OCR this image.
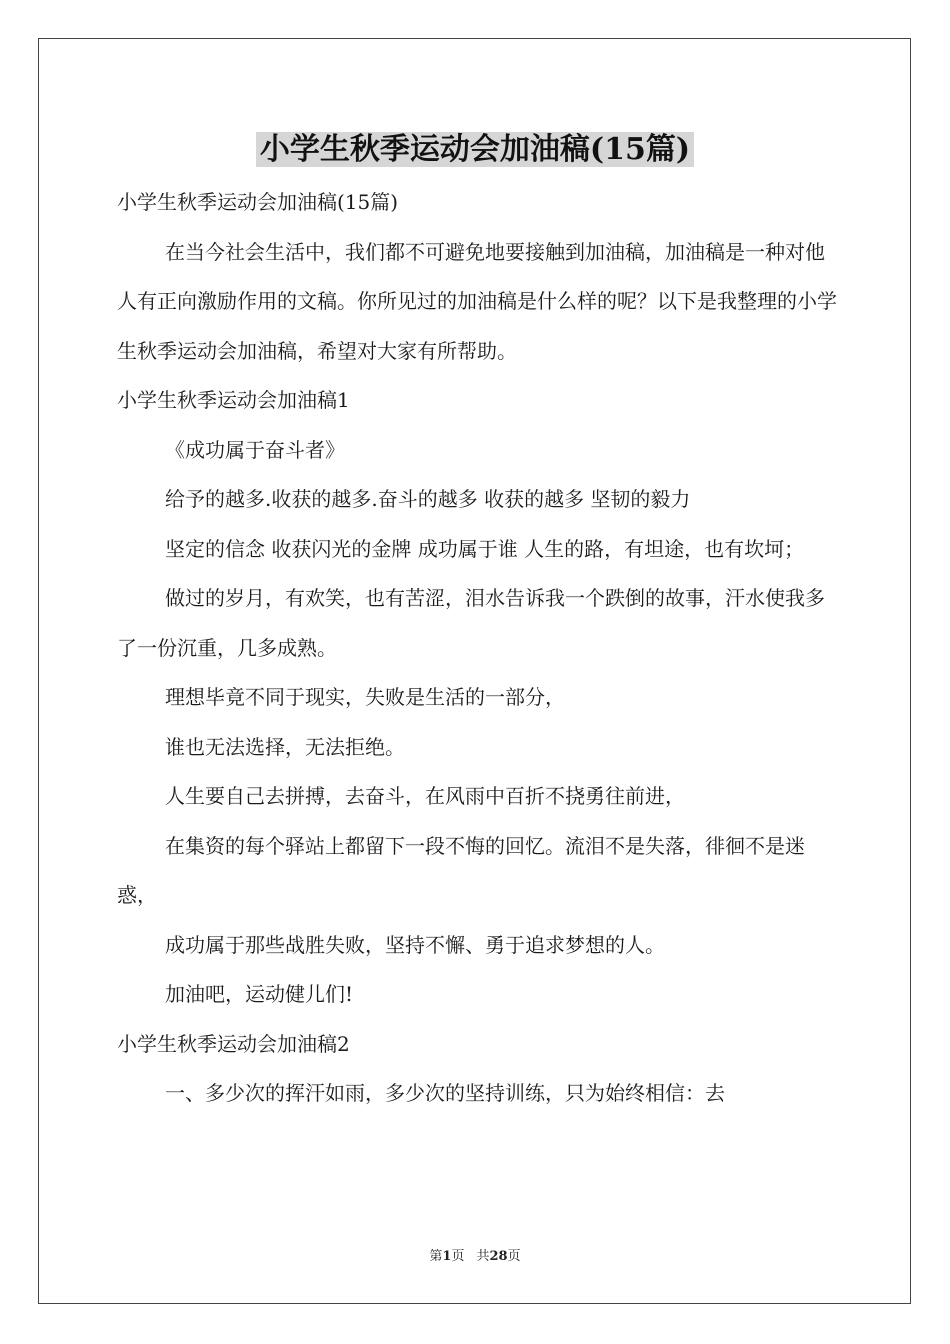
小学生秋季运动会加油稿(15篇)

小学生秋季运动会加油稿(15篇)

在当今社会生活中，我们都不可避免地要接触到加油稿，加油稿是一种对他人有正向激励作用的文稿。你所见过的加油稿是什么样的呢？以下是我整理的小学生秋季运动会加油稿，希望对大家有所帮助。

小学生秋季运动会加油稿1

《成功属于奋斗者》

给予的越多.收获的越多.奋斗的越多 收获的越多 坚韧的毅力

坚定的信念 收获闪光的金牌 成功属于谁 人生的路，有坦途，也有坎坷；

做过的岁月，有欢笑，也有苦涩，泪水告诉我一个跌倒的故事，汗水使我多了一份沉重，几多成熟。

理想毕竟不同于现实，失败是生活的一部分，

谁也无法选择，无法拒绝。

人生要自己去拼搏，去奋斗，在风雨中百折不挠勇往前进，

在集资的每个驿站上都留下一段不悔的回忆。流泪不是失落，徘徊不是迷惑，

成功属于那些战胜失败，坚持不懈、勇于追求梦想的人。

加油吧，运动健儿们!

小学生秋季运动会加油稿2

一、多少次的挥汗如雨，多少次的坚持训练，只为始终相信：去

第1页 共28页
